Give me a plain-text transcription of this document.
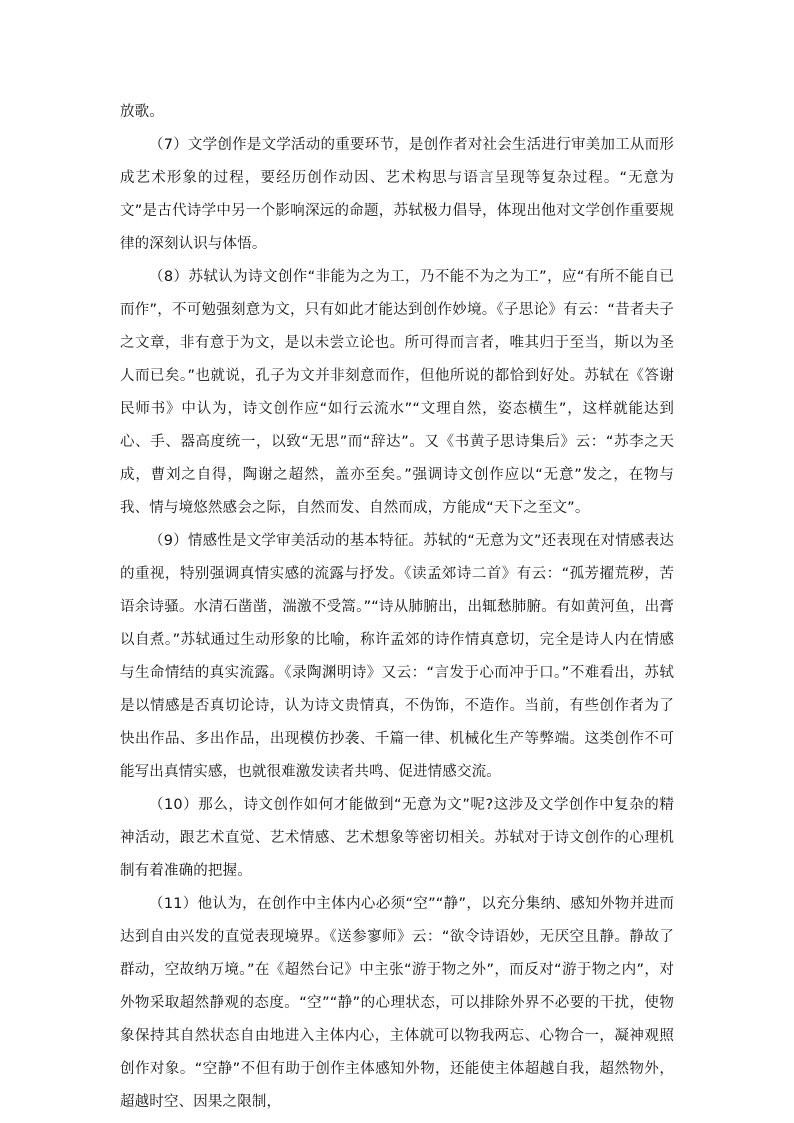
放歌。

（7）文学创作是文学活动的重要环节，是创作者对社会生活进行审美加工从而形成艺术形象的过程，要经历创作动因、艺术构思与语言呈现等复杂过程。“无意为文”是古代诗学中另一个影响深远的命题，苏轼极力倡导，体现出他对文学创作重要规律的深刻认识与体悟。

（8）苏轼认为诗文创作“非能为之为工，乃不能不为之为工”，应“有所不能自已而作”，不可勉强刻意为文，只有如此才能达到创作妙境。《子思论》有云：“昔者夫子之文章，非有意于为文，是以未尝立论也。所可得而言者，唯其归于至当，斯以为圣人而已矣。”也就说，孔子为文并非刻意而作，但他所说的都恰到好处。苏轼在《答谢民师书》中认为，诗文创作应“如行云流水”“文理自然，姿态横生”，这样就能达到心、手、器高度统一，以致“无思”而“辞达”。又《书黄子思诗集后》云：“苏李之天成，曹刘之自得，陶谢之超然，盖亦至矣。”强调诗文创作应以“无意”发之，在物与我、情与境悠然感会之际，自然而发、自然而成，方能成“天下之至文”。

（9）情感性是文学审美活动的基本特征。苏轼的“无意为文”还表现在对情感表达的重视，特别强调真情实感的流露与抒发。《读孟郊诗二首》有云：“孤芳擢荒秽，苦语余诗骚。水清石凿凿，湍激不受篙。”“诗从肺腑出，出辄愁肺腑。有如黄河鱼，出膏以自煮。”苏轼通过生动形象的比喻，称许孟郊的诗作情真意切，完全是诗人内在情感与生命情结的真实流露。《录陶渊明诗》又云：“言发于心而冲于口。”不难看出，苏轼是以情感是否真切论诗，认为诗文贵情真，不伪饰，不造作。当前，有些创作者为了快出作品、多出作品，出现模仿抄袭、千篇一律、机械化生产等弊端。这类创作不可能写出真情实感，也就很难激发读者共鸣、促进情感交流。

（10）那么，诗文创作如何才能做到“无意为文”呢?这涉及文学创作中复杂的精神活动，跟艺术直觉、艺术情感、艺术想象等密切相关。苏轼对于诗文创作的心理机制有着准确的把握。

（11）他认为，在创作中主体内心必须“空”“静”，以充分集纳、感知外物并进而达到自由兴发的直觉表现境界。《送参寥师》云：“欲令诗语妙，无厌空且静。静故了群动，空故纳万境。”在《超然台记》中主张“游于物之外”，而反对“游于物之内”，对外物采取超然静观的态度。“空”“静”的心理状态，可以排除外界不必要的干扰，使物象保持其自然状态自由地进入主体内心，主体就可以物我两忘、心物合一，凝神观照创作对象。“空静”不但有助于创作主体感知外物，还能使主体超越自我，超然物外，超越时空、因果之限制，
